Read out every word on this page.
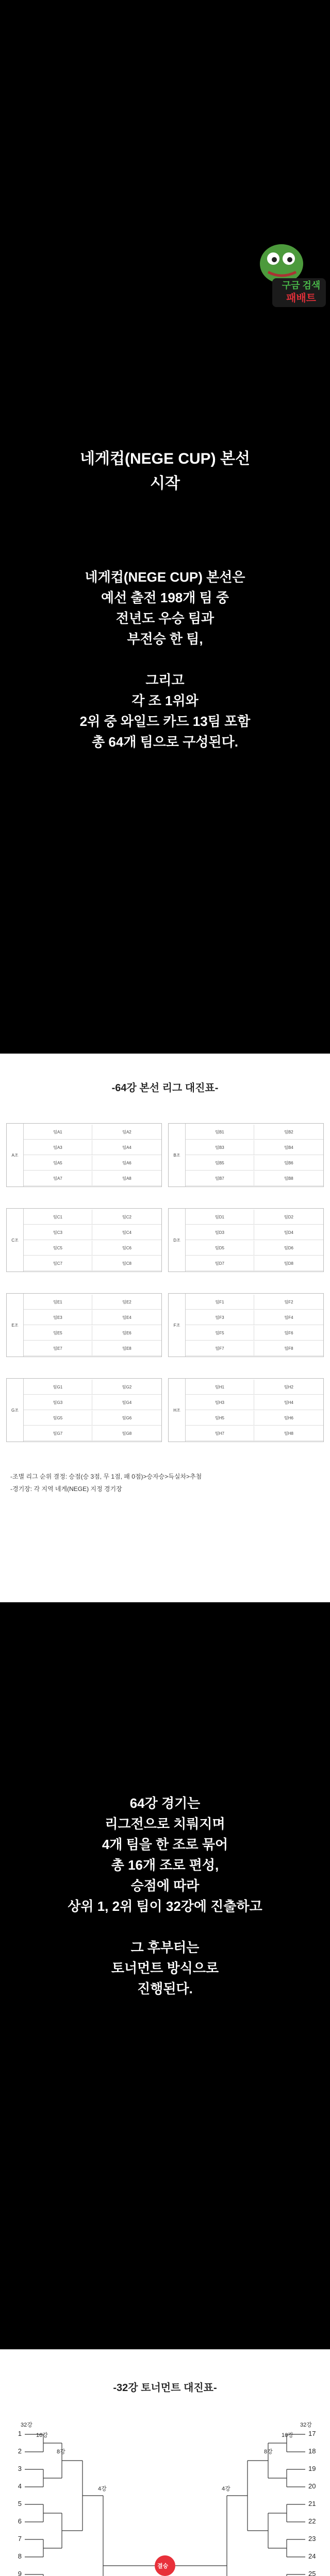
구금 검색
패배트
네게컵(NEGE CUP) 본선
시작
네게컵(NEGE CUP) 본선은
예선 출전 198개 팀 중
전년도 우승 팀과
부전승 한 팀,
그리고
각 조 1위와
2위 중 와일드 카드 13팀 포함
총 64개 팀으로 구성된다.
-64강 본선 리그 대진표-
A조
팀A1	팀A2
팀A3	팀A4
팀A5	팀A6
팀A7	팀A8
B조
팀B1	팀B2
팀B3	팀B4
팀B5	팀B6
팀B7	팀B8
C조
팀C1	팀C2
팀C3	팀C4
팀C5	팀C6
팀C7	팀C8
D조
팀D1	팀D2
팀D3	팀D4
팀D5	팀D6
팀D7	팀D8
E조
팀E1	팀E2
팀E3	팀E4
팀E5	팀E6
팀E7	팀E8
F조
팀F1	팀F2
팀F3	팀F4
팀F5	팀F6
팀F7	팀F8
G조
팀G1	팀G2
팀G3	팀G4
팀G5	팀G6
팀G7	팀G8
H조
팀H1	팀H2
팀H3	팀H4
팀H5	팀H6
팀H7	팀H8
-조별 리그 순위 결정: 승점(승 3점, 무 1점, 패 0점)>승자승>득실차>추첨
-경기장: 각 지역 네게(NEGE) 지정 경기장
64강 경기는
리그전으로 치뤄지며
4개 팀을 한 조로 묶어
총 16개 조로 편성,
승점에 따라
상위 1, 2위 팀이 32강에 진출하고
그 후부터는
토너먼트 방식으로
진행된다.
-32강 토너먼트 대진표-
1
2
3
4
5
6
7
8
9
17
18
19
20
21
22
23
24
25
32강
16강
8강
4강
32강
16강
8강
4강
결승
